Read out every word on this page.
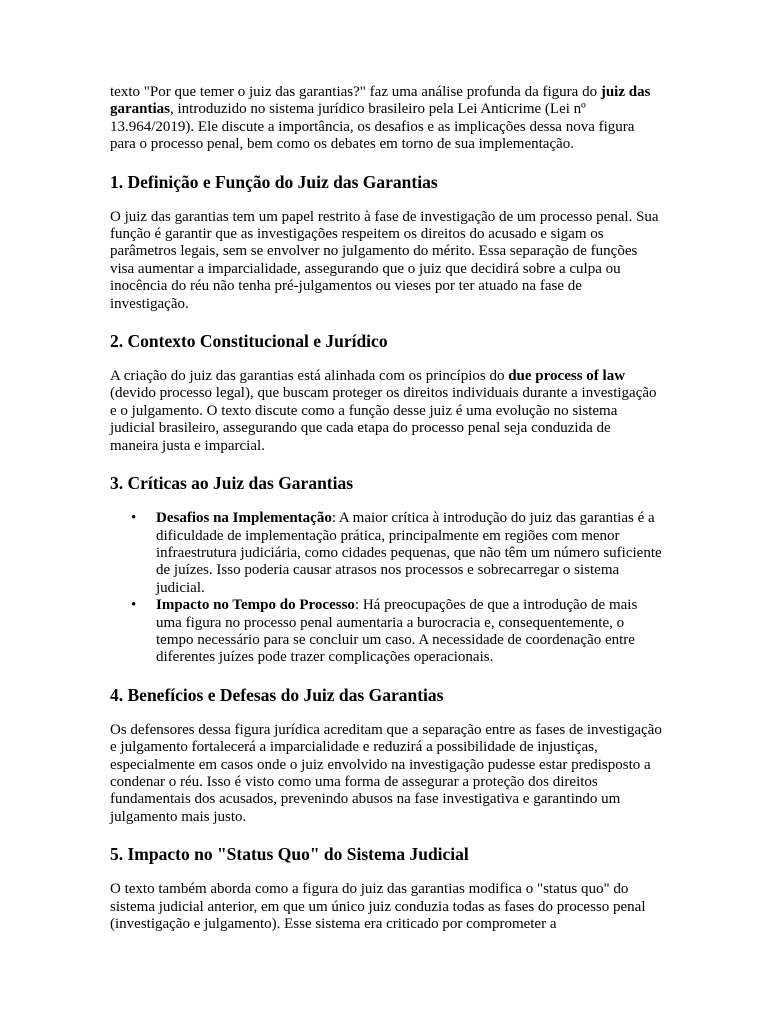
texto "Por que temer o juiz das garantias?" faz uma análise profunda da figura do juiz das garantias, introduzido no sistema jurídico brasileiro pela Lei Anticrime (Lei nº 13.964/2019). Ele discute a importância, os desafios e as implicações dessa nova figura para o processo penal, bem como os debates em torno de sua implementação.

1. Definição e Função do Juiz das Garantias

O juiz das garantias tem um papel restrito à fase de investigação de um processo penal. Sua função é garantir que as investigações respeitem os direitos do acusado e sigam os parâmetros legais, sem se envolver no julgamento do mérito. Essa separação de funções visa aumentar a imparcialidade, assegurando que o juiz que decidirá sobre a culpa ou inocência do réu não tenha pré-julgamentos ou vieses por ter atuado na fase de investigação.

2. Contexto Constitucional e Jurídico

A criação do juiz das garantias está alinhada com os princípios do due process of law (devido processo legal), que buscam proteger os direitos individuais durante a investigação e o julgamento. O texto discute como a função desse juiz é uma evolução no sistema judicial brasileiro, assegurando que cada etapa do processo penal seja conduzida de maneira justa e imparcial.

3. Críticas ao Juiz das Garantias
• Desafios na Implementação: A maior crítica à introdução do juiz das garantias é a dificuldade de implementação prática, principalmente em regiões com menor infraestrutura judiciária, como cidades pequenas, que não têm um número suficiente de juízes. Isso poderia causar atrasos nos processos e sobrecarregar o sistema judicial.
• Impacto no Tempo do Processo: Há preocupações de que a introdução de mais uma figura no processo penal aumentaria a burocracia e, consequentemente, o tempo necessário para se concluir um caso. A necessidade de coordenação entre diferentes juízes pode trazer complicações operacionais.
4. Benefícios e Defesas do Juiz das Garantias

Os defensores dessa figura jurídica acreditam que a separação entre as fases de investigação e julgamento fortalecerá a imparcialidade e reduzirá a possibilidade de injustiças, especialmente em casos onde o juiz envolvido na investigação pudesse estar predisposto a condenar o réu. Isso é visto como uma forma de assegurar a proteção dos direitos fundamentais dos acusados, prevenindo abusos na fase investigativa e garantindo um julgamento mais justo.

5. Impacto no "Status Quo" do Sistema Judicial

O texto também aborda como a figura do juiz das garantias modifica o "status quo" do sistema judicial anterior, em que um único juiz conduzia todas as fases do processo penal (investigação e julgamento). Esse sistema era criticado por comprometer a
